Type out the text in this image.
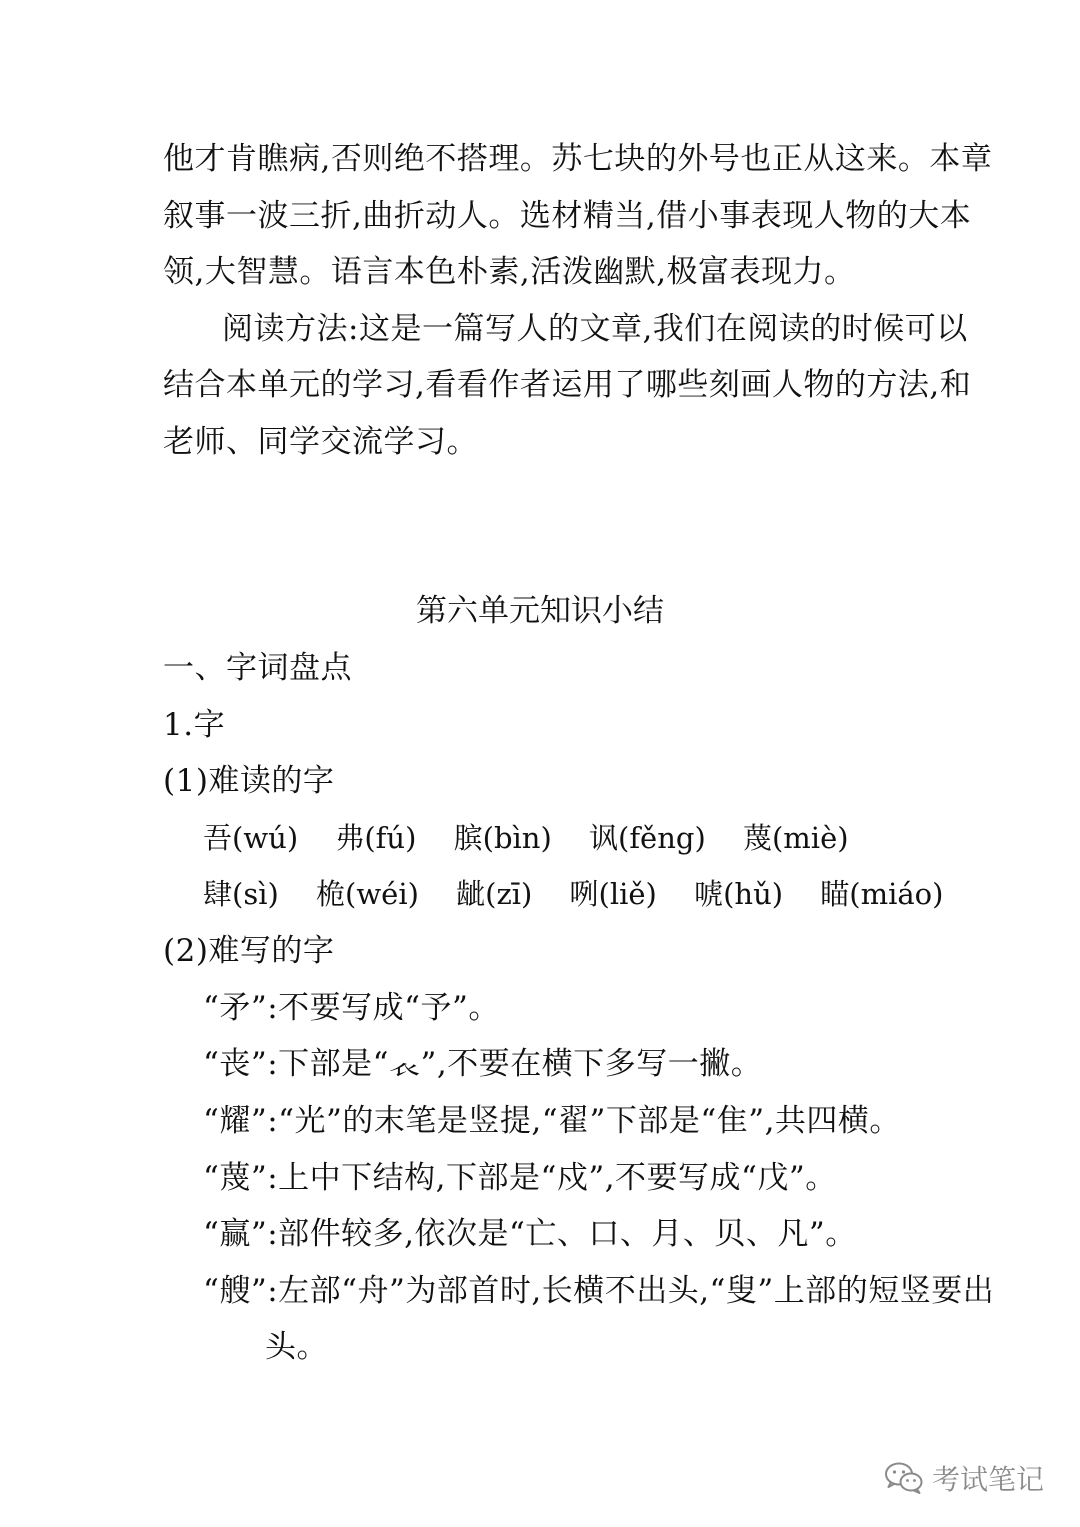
他才肯瞧病,否则绝不搭理。苏七块的外号也正从这来。本章
叙事一波三折,曲折动人。选材精当,借小事表现人物的大本
领,大智慧。语言本色朴素,活泼幽默,极富表现力。
阅读方法:这是一篇写人的文章,我们在阅读的时候可以
结合本单元的学习,看看作者运用了哪些刻画人物的方法,和
老师、同学交流学习。
第六单元知识小结
一、字词盘点
1.字
(1)难读的字
吾(wú) 弗(fú) 膑(bìn) 讽(fěng) 蔑(miè)
肆(sì) 桅(wéi) 龇(zī) 咧(liě) 唬(hǔ) 瞄(miáo)
(2)难写的字
“矛”:不要写成“予”。
“丧”:下部是“𧘇”,不要在横下多写一撇。
“耀”:“光”的末笔是竖提,“翟”下部是“隹”,共四横。
“蔑”:上中下结构,下部是“戍”,不要写成“戊”。
“赢”:部件较多,依次是“亡、口、月、贝、凡”。
“艘”:左部“舟”为部首时,长横不出头,“叟”上部的短竖要出
头。
考试笔记
